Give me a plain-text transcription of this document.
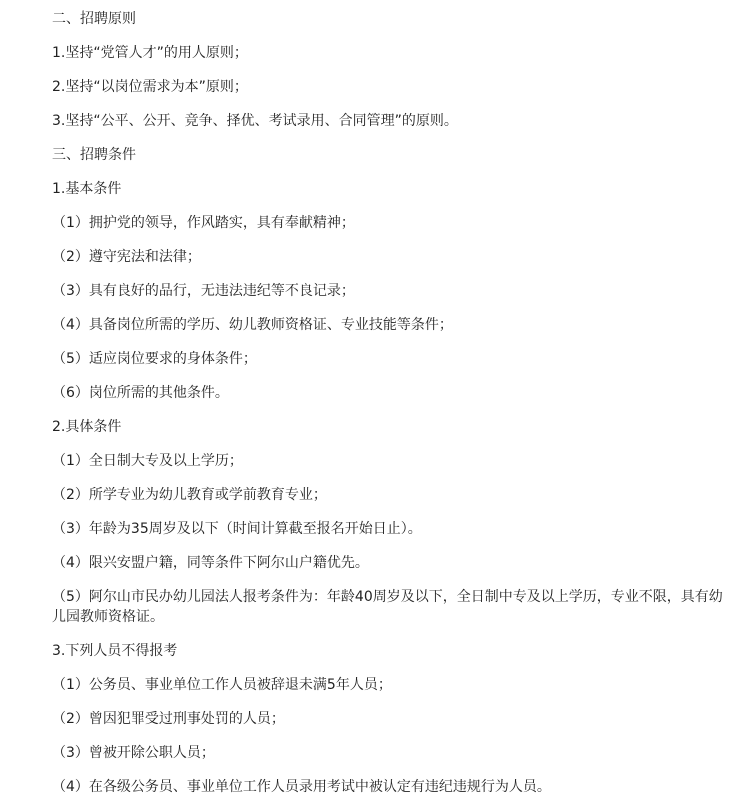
二、招聘原则

1.坚持“党管人才”的用人原则；

2.坚持“以岗位需求为本”原则；

3.坚持“公平、公开、竞争、择优、考试录用、合同管理”的原则。

三、招聘条件

1.基本条件

（1）拥护党的领导，作风踏实，具有奉献精神；

（2）遵守宪法和法律；

（3）具有良好的品行，无违法违纪等不良记录；

（4）具备岗位所需的学历、幼儿教师资格证、专业技能等条件；

（5）适应岗位要求的身体条件；

（6）岗位所需的其他条件。

2.具体条件

（1）全日制大专及以上学历；

（2）所学专业为幼儿教育或学前教育专业；

（3）年龄为35周岁及以下（时间计算截至报名开始日止）。

（4）限兴安盟户籍，同等条件下阿尔山户籍优先。

（5）阿尔山市民办幼儿园法人报考条件为：年龄40周岁及以下，全日制中专及以上学历，专业不限，具有幼儿园教师资格证。

3.下列人员不得报考

（1）公务员、事业单位工作人员被辞退未满5年人员；

（2）曾因犯罪受过刑事处罚的人员；

（3）曾被开除公职人员；

（4）在各级公务员、事业单位工作人员录用考试中被认定有违纪违规行为人员。
